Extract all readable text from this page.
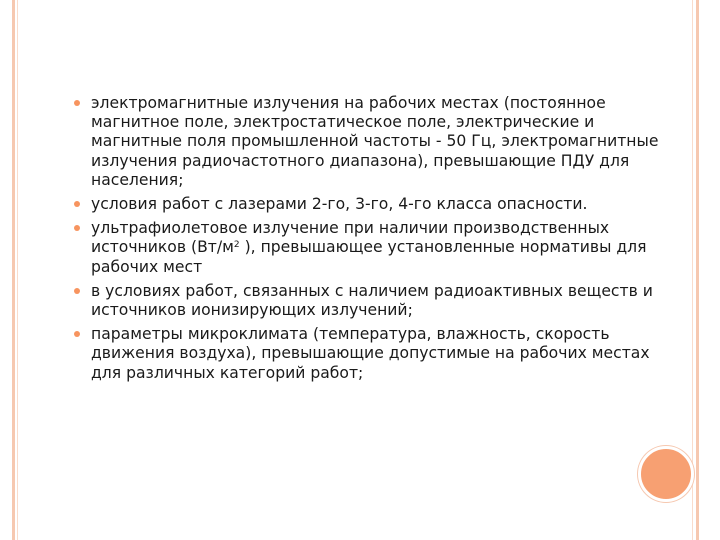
электромагнитные излучения на рабочих местах (постоянное магнитное поле, электростатическое поле, электрические и магнитные поля промышленной частоты - 50 Гц, электромагнитные излучения радиочастотного диапазона), превышающие ПДУ для населения;
условия работ с лазерами 2-го, 3-го, 4-го класса опасности.
ультрафиолетовое излучение при наличии производственных источников ($Вт/м^2$ ), превышающее установленные нормативы для рабочих мест
в условиях работ, связанных с наличием радиоактивных веществ и источников ионизирующих излучений;
параметры микроклимата (температура, влажность, скорость движения воздуха), превышающие допустимые на рабочих местах для различных категорий работ;
